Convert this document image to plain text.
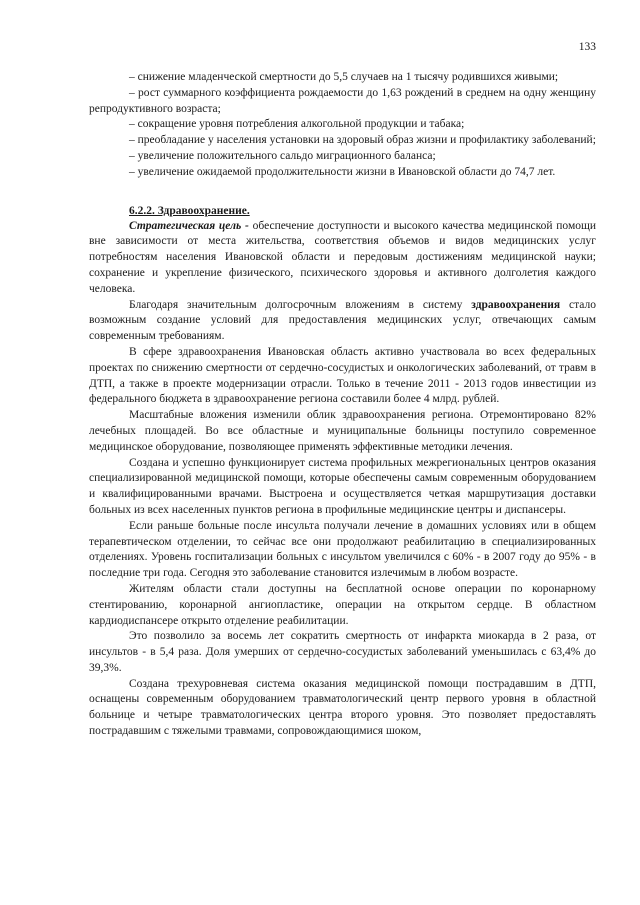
133

– снижение младенческой смертности до 5,5 случаев на 1 тысячу родившихся живыми;

– рост суммарного коэффициента рождаемости до 1,63 рождений в среднем на одну женщину репродуктивного возраста;

– сокращение уровня потребления алкогольной продукции и табака;

– преобладание у населения установки на здоровый образ жизни и профилактику заболеваний;

– увеличение положительного сальдо миграционного баланса;

– увеличение ожидаемой продолжительности жизни в Ивановской области до 74,7 лет.

6.2.2. Здравоохранение.

Стратегическая цель - обеспечение доступности и высокого качества медицинской помощи вне зависимости от места жительства, соответствия объемов и видов медицинских услуг потребностям населения Ивановской области и передовым достижениям медицинской науки; сохранение и укрепление физического, психического здоровья и активного долголетия каждого человека.

Благодаря значительным долгосрочным вложениям в систему здравоохранения стало возможным создание условий для предоставления медицинских услуг, отвечающих самым современным требованиям.

В сфере здравоохранения Ивановская область активно участвовала во всех федеральных проектах по снижению смертности от сердечно-сосудистых и онкологических заболеваний, от травм в ДТП, а также в проекте модернизации отрасли. Только в течение 2011 - 2013 годов инвестиции из федерального бюджета в здравоохранение региона составили более 4 млрд. рублей.

Масштабные вложения изменили облик здравоохранения региона. Отремонтировано 82% лечебных площадей. Во все областные и муниципальные больницы поступило современное медицинское оборудование, позволяющее применять эффективные методики лечения.

Создана и успешно функционирует система профильных межрегиональных центров оказания специализированной медицинской помощи, которые обеспечены самым современным оборудованием и квалифицированными врачами. Выстроена и осуществляется четкая маршрутизация доставки больных из всех населенных пунктов региона в профильные медицинские центры и диспансеры.

Если раньше больные после инсульта получали лечение в домашних условиях или в общем терапевтическом отделении, то сейчас все они продолжают реабилитацию в специализированных отделениях. Уровень госпитализации больных с инсультом увеличился с 60% - в 2007 году до 95% - в последние три года. Сегодня это заболевание становится излечимым в любом возрасте.

Жителям области стали доступны на бесплатной основе операции по коронарному стентированию, коронарной ангиопластике, операции на открытом сердце. В областном кардиодиспансере открыто отделение реабилитации.

Это позволило за восемь лет сократить смертность от инфаркта миокарда в 2 раза, от инсультов - в 5,4 раза. Доля умерших от сердечно-сосудистых заболеваний уменьшилась с 63,4% до 39,3%.

Создана трехуровневая система оказания медицинской помощи пострадавшим в ДТП, оснащены современным оборудованием травматологический центр первого уровня в областной больнице и четыре травматологических центра второго уровня. Это позволяет предоставлять пострадавшим с тяжелыми травмами, сопровождающимися шоком,
